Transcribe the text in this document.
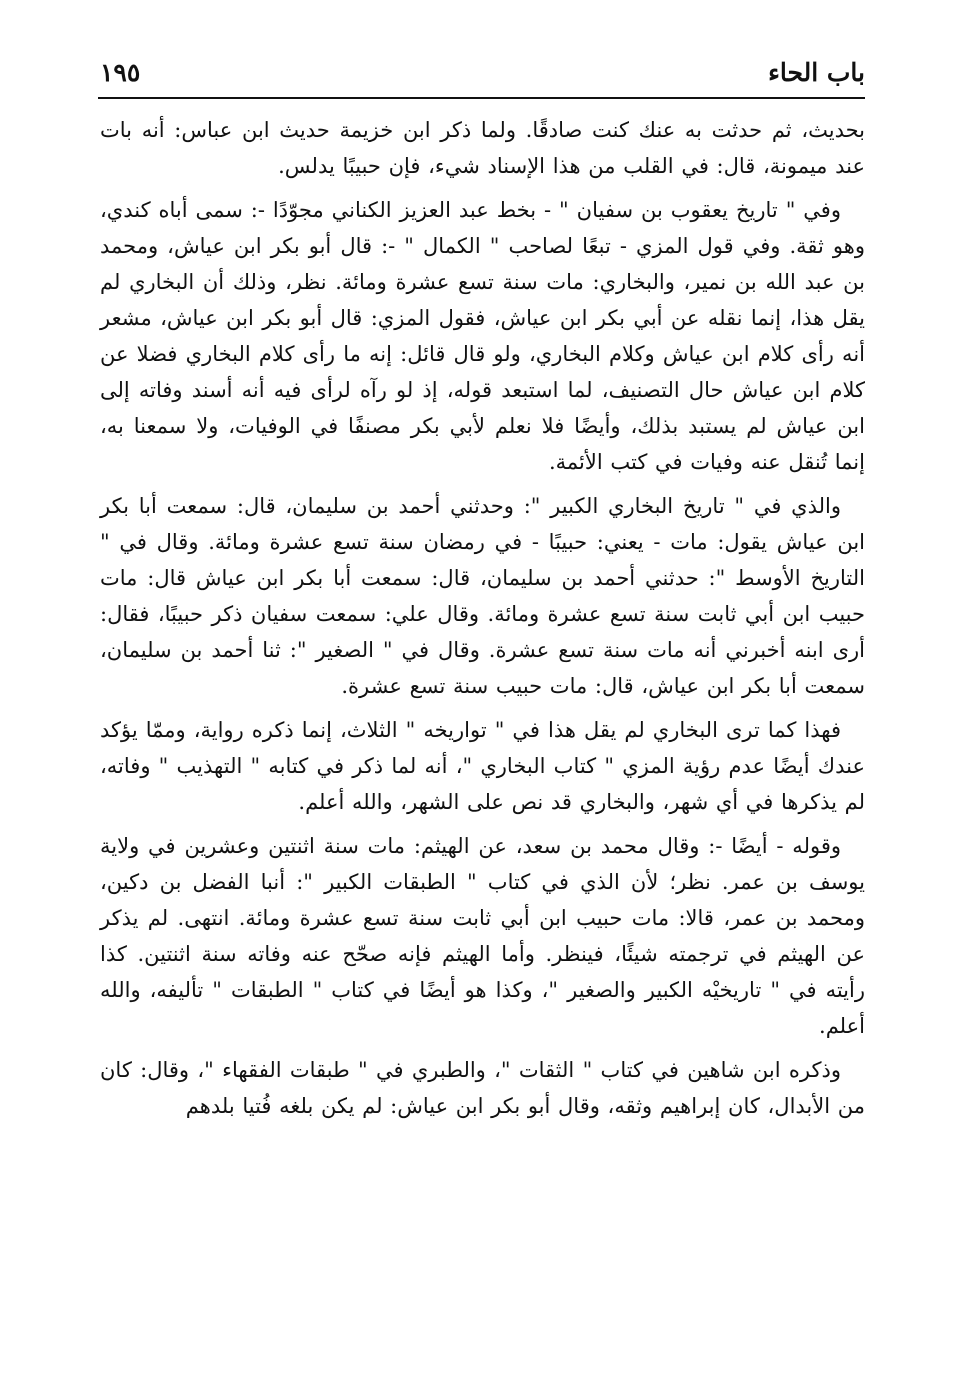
باب الحاء
١٩٥

بحديث، ثم حدثت به عنك كنت صادقًا. ولما ذكر ابن خزيمة حديث ابن عباس: أنه بات عند ميمونة، قال: في القلب من هذا الإسناد شيء، فإن حبيبًا يدلس.

وفي " تاريخ يعقوب بن سفيان " - بخط عبد العزيز الكناني مجوّدًا -: سمى أباه كندي، وهو ثقة. وفي قول المزي - تبعًا لصاحب " الكمال " -: قال أبو بكر ابن عياش، ومحمد بن عبد الله بن نمير، والبخاري: مات سنة تسع عشرة ومائة. نظر، وذلك أن البخاري لم يقل هذا، إنما نقله عن أبي بكر ابن عياش، فقول المزي: قال أبو بكر ابن عياش، مشعر أنه رأى كلام ابن عياش وكلام البخاري، ولو قال قائل: إنه ما رأى كلام البخاري فضلا عن كلام ابن عياش حال التصنيف، لما استبعد قوله، إذ لو رآه لرأى فيه أنه أسند وفاته إلى ابن عياش لم يستبد بذلك، وأيضًا فلا نعلم لأبي بكر مصنفًا في الوفيات، ولا سمعنا به، إنما تُنقل عنه وفيات في كتب الأئمة.

والذي في " تاريخ البخاري الكبير ": وحدثني أحمد بن سليمان، قال: سمعت أبا بكر ابن عياش يقول: مات - يعني: حبيبًا - في رمضان سنة تسع عشرة ومائة. وقال في " التاريخ الأوسط ": حدثني أحمد بن سليمان، قال: سمعت أبا بكر ابن عياش قال: مات حبيب ابن أبي ثابت سنة تسع عشرة ومائة. وقال علي: سمعت سفيان ذكر حبيبًا، فقال: أرى ابنه أخبرني أنه مات سنة تسع عشرة. وقال في " الصغير ": ثنا أحمد بن سليمان، سمعت أبا بكر ابن عياش، قال: مات حبيب سنة تسع عشرة.

فهذا كما ترى البخاري لم يقل هذا في " تواريخه " الثلاث، إنما ذكره رواية، وممّا يؤكد عندك أيضًا عدم رؤية المزي " كتاب البخاري "، أنه لما ذكر في كتابه " التهذيب " وفاته، لم يذكرها في أي شهر، والبخاري قد نص على الشهر، والله أعلم.

وقوله - أيضًا -: وقال محمد بن سعد، عن الهيثم: مات سنة اثنتين وعشرين في ولاية يوسف بن عمر. نظر؛ لأن الذي في كتاب " الطبقات الكبير ": أنبا الفضل بن دكين، ومحمد بن عمر، قالا: مات حبيب ابن أبي ثابت سنة تسع عشرة ومائة. انتهى. لم يذكر عن الهيثم في ترجمته شيئًا، فينظر. وأما الهيثم فإنه صحّح عنه وفاته سنة اثنتين. كذا رأيته في " تاريخيْه الكبير والصغير "، وكذا هو أيضًا في كتاب " الطبقات " تأليفه، والله أعلم.

وذكره ابن شاهين في كتاب " الثقات "، والطبري في " طبقات الفقهاء "، وقال: كان من الأبدال، كان إبراهيم وثقه، وقال أبو بكر ابن عياش: لم يكن بلغه فُتيا بلدهم
